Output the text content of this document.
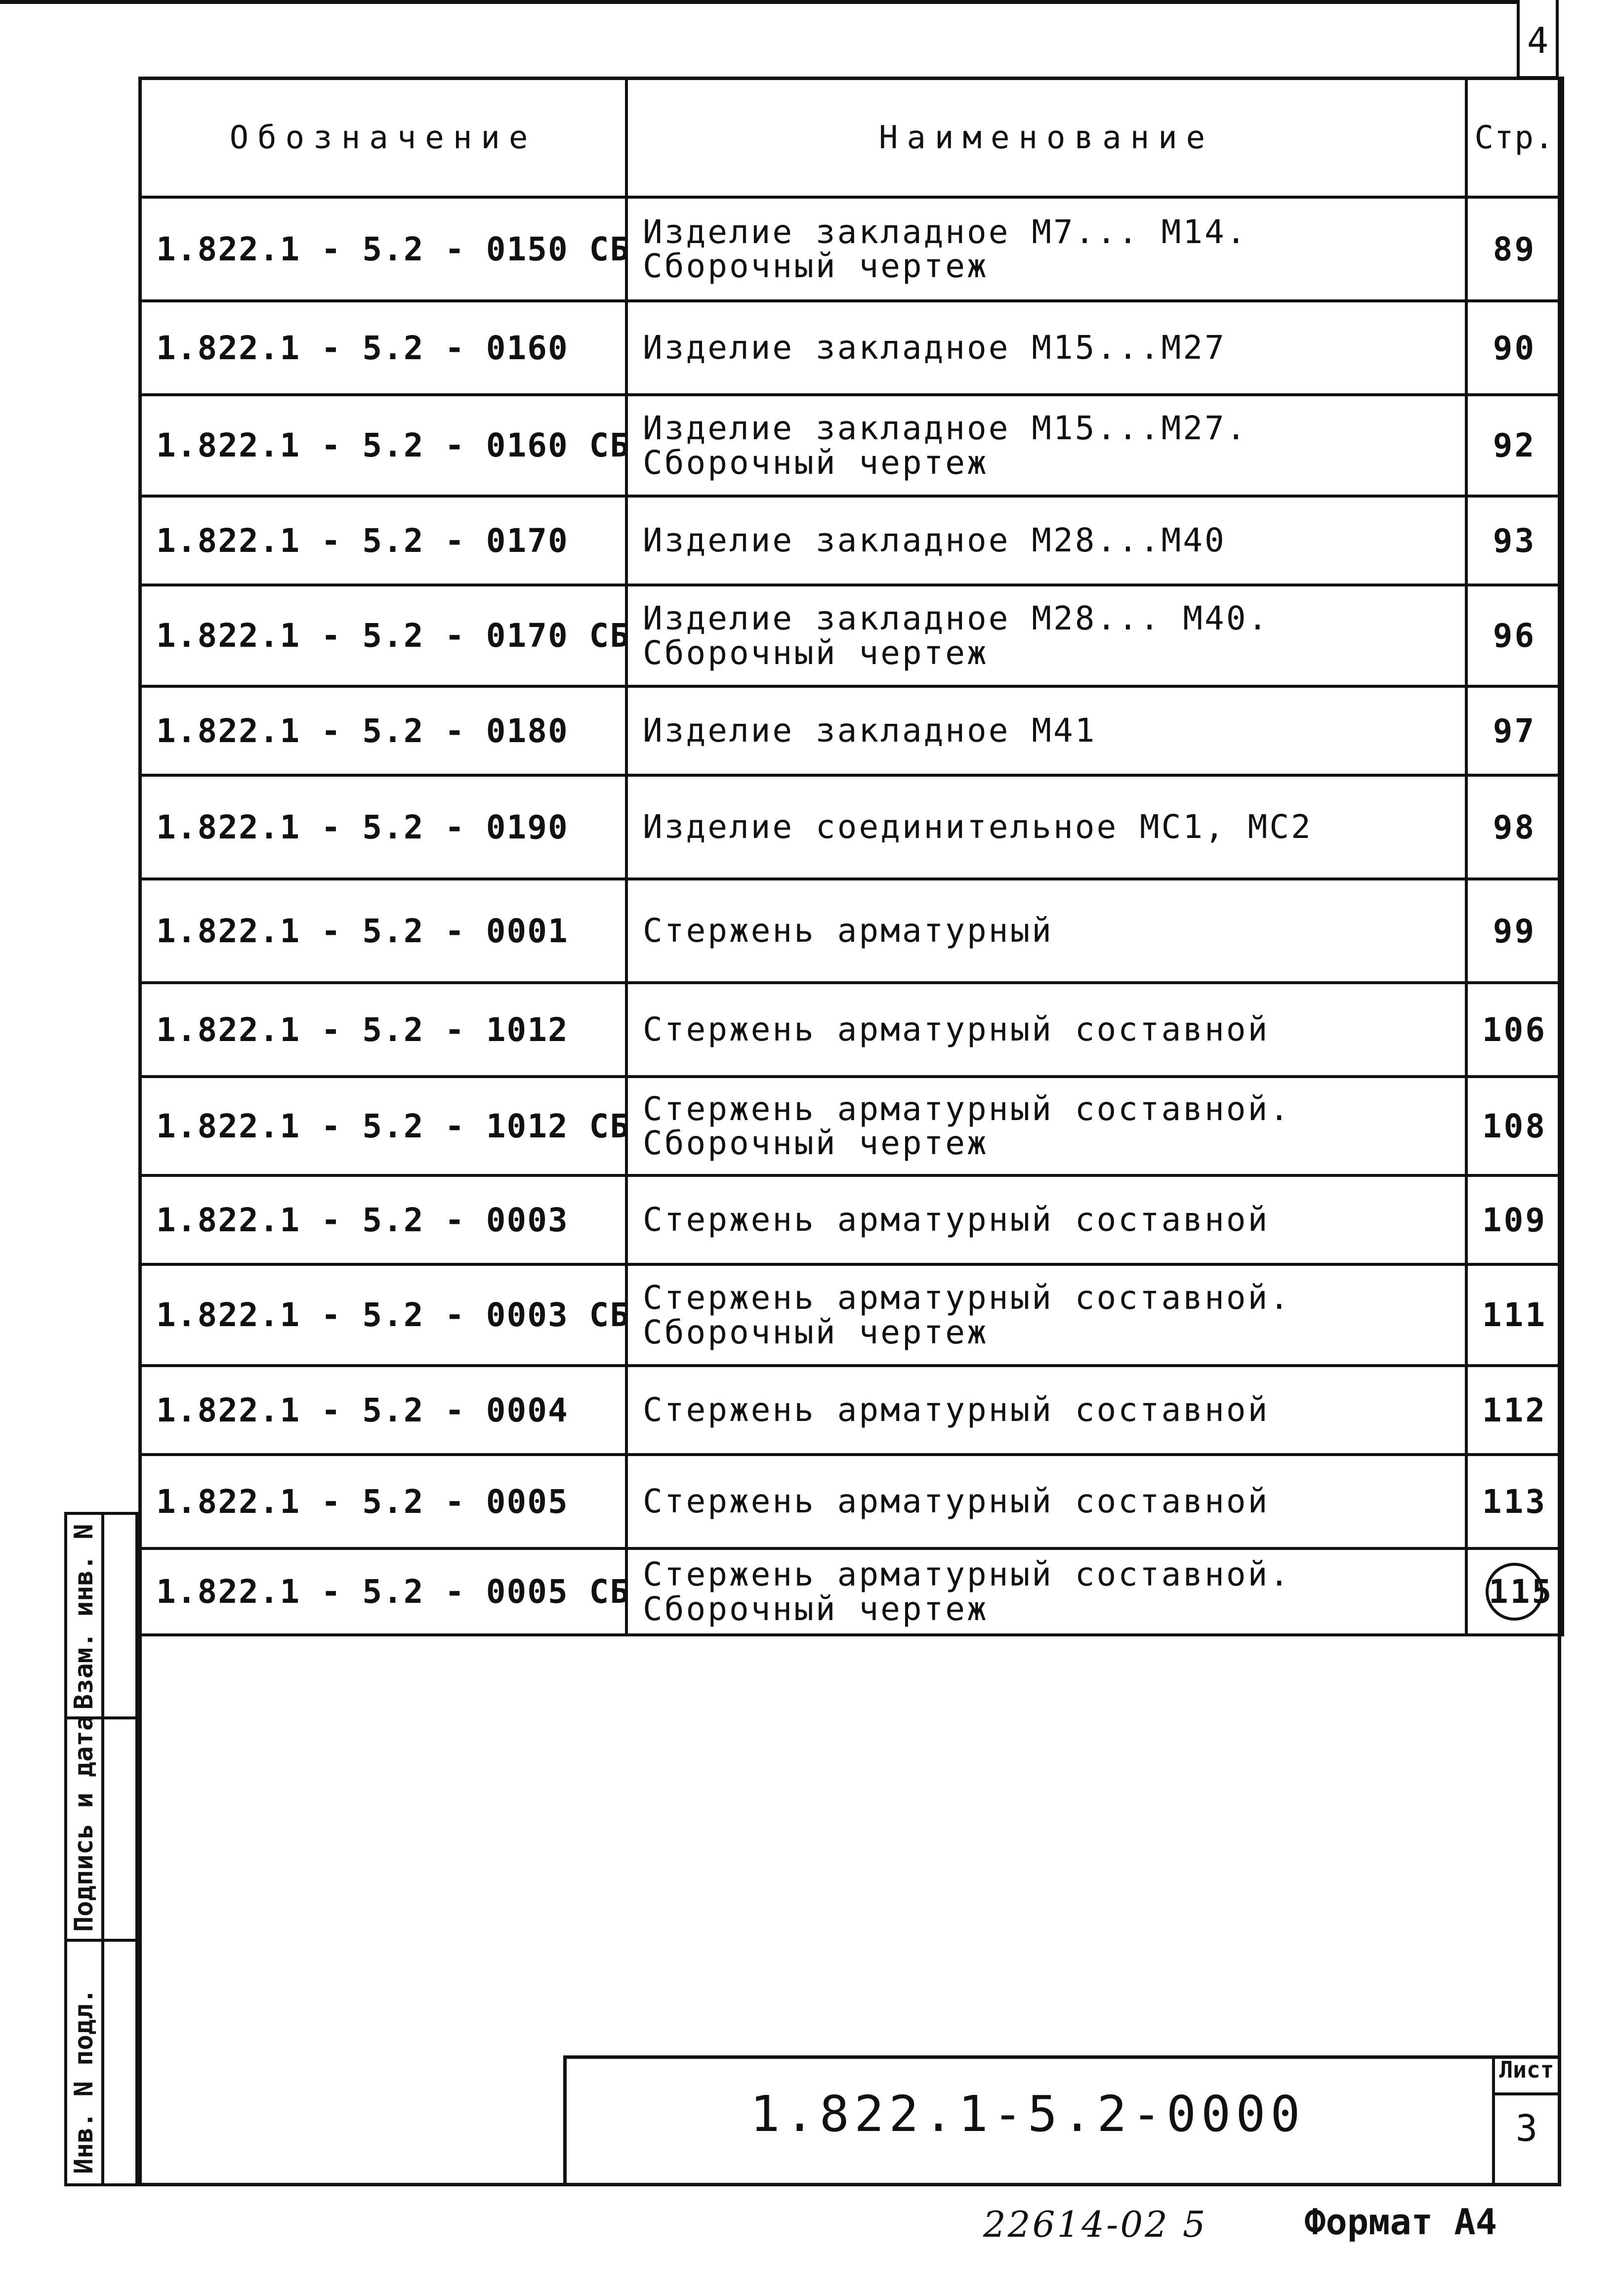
4
Обозначение	Наименование	Стр.
1.822.1 - 5.2 - 0150 СБ	Изделие закладное М7... М14.
Сборочный чертеж	89
1.822.1 - 5.2 - 0160	Изделие закладное М15...М27	90
1.822.1 - 5.2 - 0160 СБ	Изделие закладное М15...М27.
Сборочный чертеж	92
1.822.1 - 5.2 - 0170	Изделие закладное М28...М40	93
1.822.1 - 5.2 - 0170 СБ	Изделие закладное М28... М40.
Сборочный чертеж	96
1.822.1 - 5.2 - 0180	Изделие закладное М41	97
1.822.1 - 5.2 - 0190	Изделие соединительное МС1, МС2	98
1.822.1 - 5.2 - 0001	Стержень арматурный	99
1.822.1 - 5.2 - 1012	Стержень арматурный составной	106
1.822.1 - 5.2 - 1012 СБ	Стержень арматурный составной.
Сборочный чертеж	108
1.822.1 - 5.2 - 0003	Стержень арматурный составной	109
1.822.1 - 5.2 - 0003 СБ	Стержень арматурный составной.
Сборочный чертеж	111
1.822.1 - 5.2 - 0004	Стержень арматурный составной	112
1.822.1 - 5.2 - 0005	Стержень арматурный составной	113
1.822.1 - 5.2 - 0005 СБ	Стержень арматурный составной.
Сборочный чертеж	115
Взам. инв. N
Подпись и дата
Инв. N подл.	1.822.1-5.2-0000
Лист
3
22614-02 5	Формат А4
